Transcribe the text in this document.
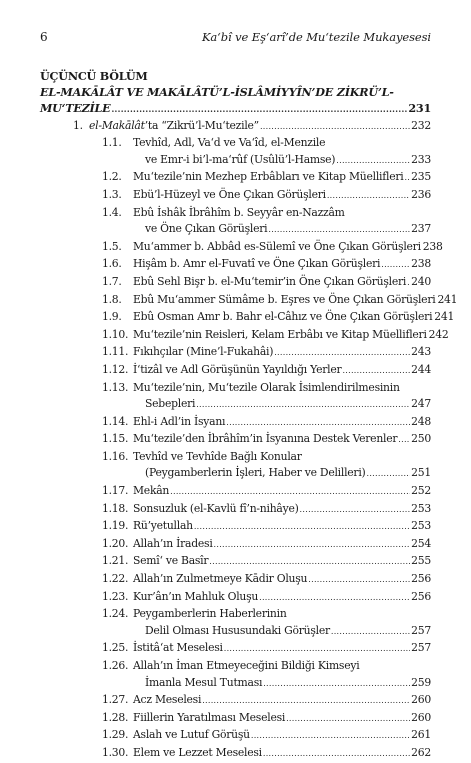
6	Ka‘bî ve Eş‘arî’de Mu‘tezile Mukayesesi
ÜÇÜNCÜ BÖLÜM
EL-MAKĀLÂT VE MAKĀLÂTÜ’L-İSLÂMİYYÎN’DE ZİKRÜ’L-
MU‘TEZİLE .....	231
1. el-Makālât’ta “Zikrü’l-Mu‘tezile” .....	232
1.1.	Tevhîd, Adl, Va‘d ve Va‘îd, el-Menzile
ve Emr-i bi’l-ma‘rûf (Usûlü’l-Hamse) .....	233
1.2.	Mu‘tezile’nin Mezhep Erbâbları ve Kitap Müellifleri ..... 235
1.3.	Ebü’l-Hüzeyl ve Öne Çıkan Görüşleri .....	236
1.4.	Ebû İshâk İbrâhîm b. Seyyâr en-Nazzâm
ve Öne Çıkan Görüşleri .....	237
1.5.	Mu‘ammer b. Abbâd es-Sülemî ve Öne Çıkan Görüşleri 238
1.6.	Hişâm b. Amr el-Fuvatî ve Öne Çıkan Görüşleri .....	238
1.7.	Ebû Sehl Bişr b. el-Mu‘temir’in Öne Çıkan Görüşleri ..... 240
1.8.	Ebû Mu‘ammer Sümâme b. Eşres ve Öne Çıkan Görüşleri 241
1.9.	Ebû Osman Amr b. Bahr el-Câhız ve Öne Çıkan Görüşleri 241
1.10. Mu‘tezile’nin Reisleri, Kelam Erbâbı ve Kitap Müellifleri 242
1.11. Fıkıhçılar (Mine’l-Fukahâi) .....	243
1.12. İ‘tizâl ve Adl Görüşünün Yayıldığı Yerler .....	244
1.13. Mu‘tezile’nin, Mu‘tezile Olarak İsimlendirilmesinin
Sebepleri .....	247
1.14. Ehl-i Adl’in İsyanı .....	248
1.15. Mu‘tezile’den İbrâhîm’in İsyanına Destek Verenler ..... 250
1.16. Tevhîd ve Tevhîde Bağlı Konular
(Peygamberlerin İşleri, Haber ve Delilleri) .....	251
1.17. Mekân .....	252
1.18. Sonsuzluk (el-Kavlü fî’n-nihâye) .....	253
1.19. Rü’yetullah .....	253
1.20. Allah’ın İradesi .....	254
1.21. Semî‘ ve Basîr .....	255
1.22. Allah’ın Zulmetmeye Kādir Oluşu .....	256
1.23. Kur’ân’ın Mahluk Oluşu .....	256
1.24. Peygamberlerin Haberlerinin
Delil Olması Hususundaki Görüşler .....	257
1.25. İstitâ‘at Meselesi .....	257
1.26. Allah’ın İman Etmeyeceğini Bildiği Kimseyi
İmanla Mesul Tutması .....	259
1.27. Acz Meselesi .....	260
1.28. Fiillerin Yaratılması Meselesi .....	260
1.29. Aslah ve Lutuf Görüşü .....	261
1.30. Elem ve Lezzet Meselesi .....	262
